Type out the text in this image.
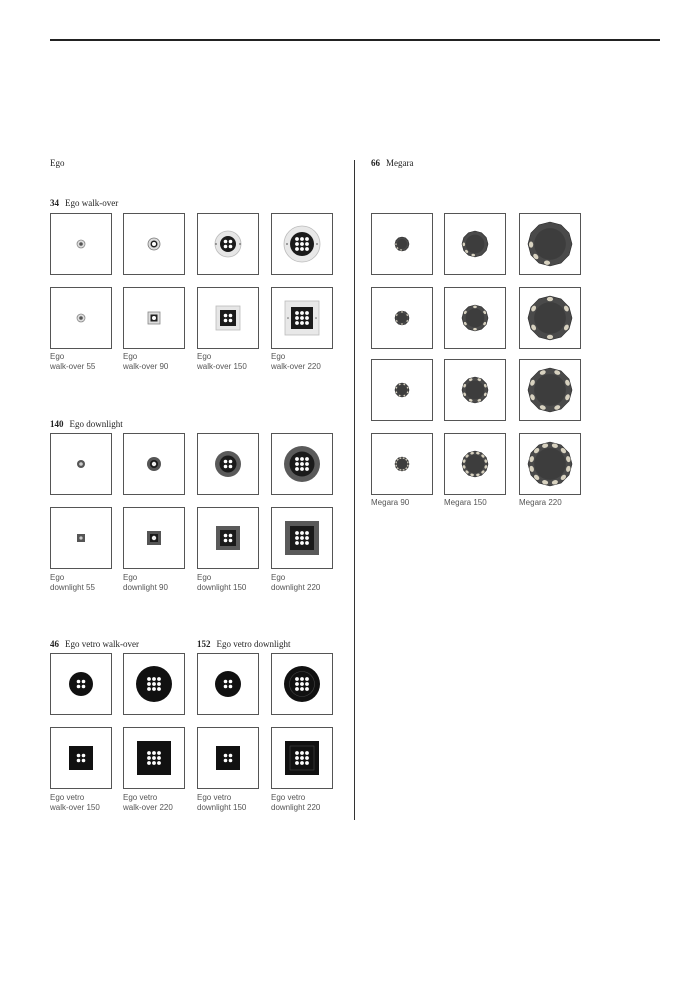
Ego
34 Ego walk-over
Ego
walk-over 55
Ego
walk-over 90
Ego
walk-over 150
Ego
walk-over 220
140 Ego downlight
Ego
downlight 55
Ego
downlight 90
Ego
downlight 150
Ego
downlight 220
46 Ego vetro walk-over	152 Ego vetro downlight
Ego vetro
walk-over 150
Ego vetro
walk-over 220
Ego vetro
downlight 150
Ego vetro
downlight 220
66 Megara
Megara 90	Megara 150	Megara 220
